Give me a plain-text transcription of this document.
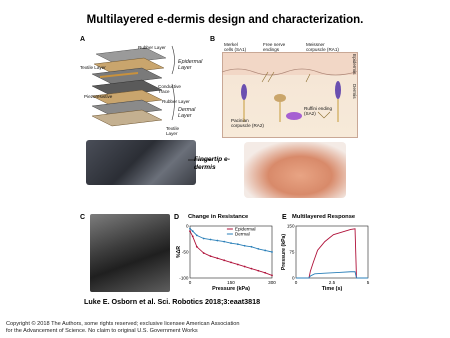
Multilayered e-dermis design and characterization.
A
Rubber Layer
Textile Layer
Piezoresistive
Conductive Trace
Epidermal Layer
Rubber Layer
Dermal Layer
Textile Layer
Fingertip e-dermis
B
Merkel cells (SA1)
Free nerve endings
Meissner corpuscle (RA1)
Pacinian corpuscle (RA2)
Ruffini ending (SA2)
Epidermis
Dermis
C	D Change in Resistance
0	150	300
0
-50
-100
Pressure (kPa)
%ΔR
Epidermal
Dermal
E Multilayered Response
0	2.5	5
150
75
0
Time (s)
Pressure (kPa)
Luke E. Osborn et al. Sci. Robotics 2018;3:eaat3818
Copyright © 2018 The Authors, some rights reserved; exclusive licensee American Association
for the Advancement of Science. No claim to original U.S. Government Works
